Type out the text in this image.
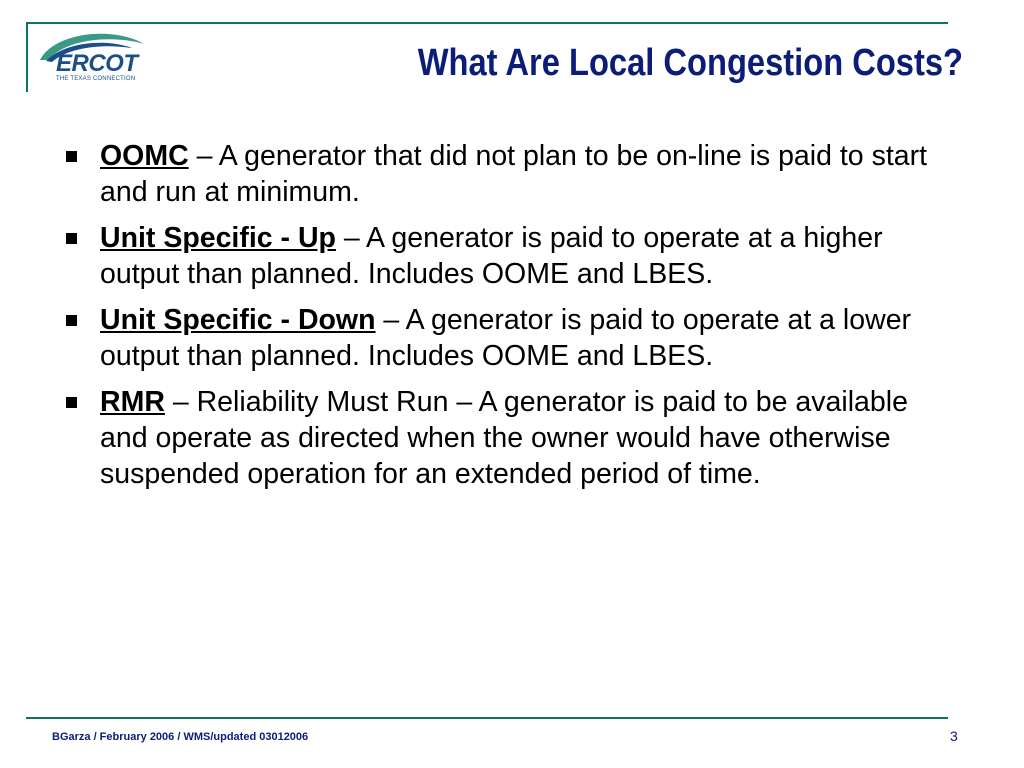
ERCOT
THE TEXAS CONNECTION	What Are Local Congestion Costs?
OOMC – A generator that did not plan to be on-line is paid to start and run at minimum.
Unit Specific - Up – A generator is paid to operate at a higher output than planned. Includes OOME and LBES.
Unit Specific - Down – A generator is paid to operate at a lower output than planned. Includes OOME and LBES.
RMR – Reliability Must Run – A generator is paid to be available and operate as directed when the owner would have otherwise suspended operation for an extended period of time.
BGarza / February 2006 / WMS/updated 03012006	3
